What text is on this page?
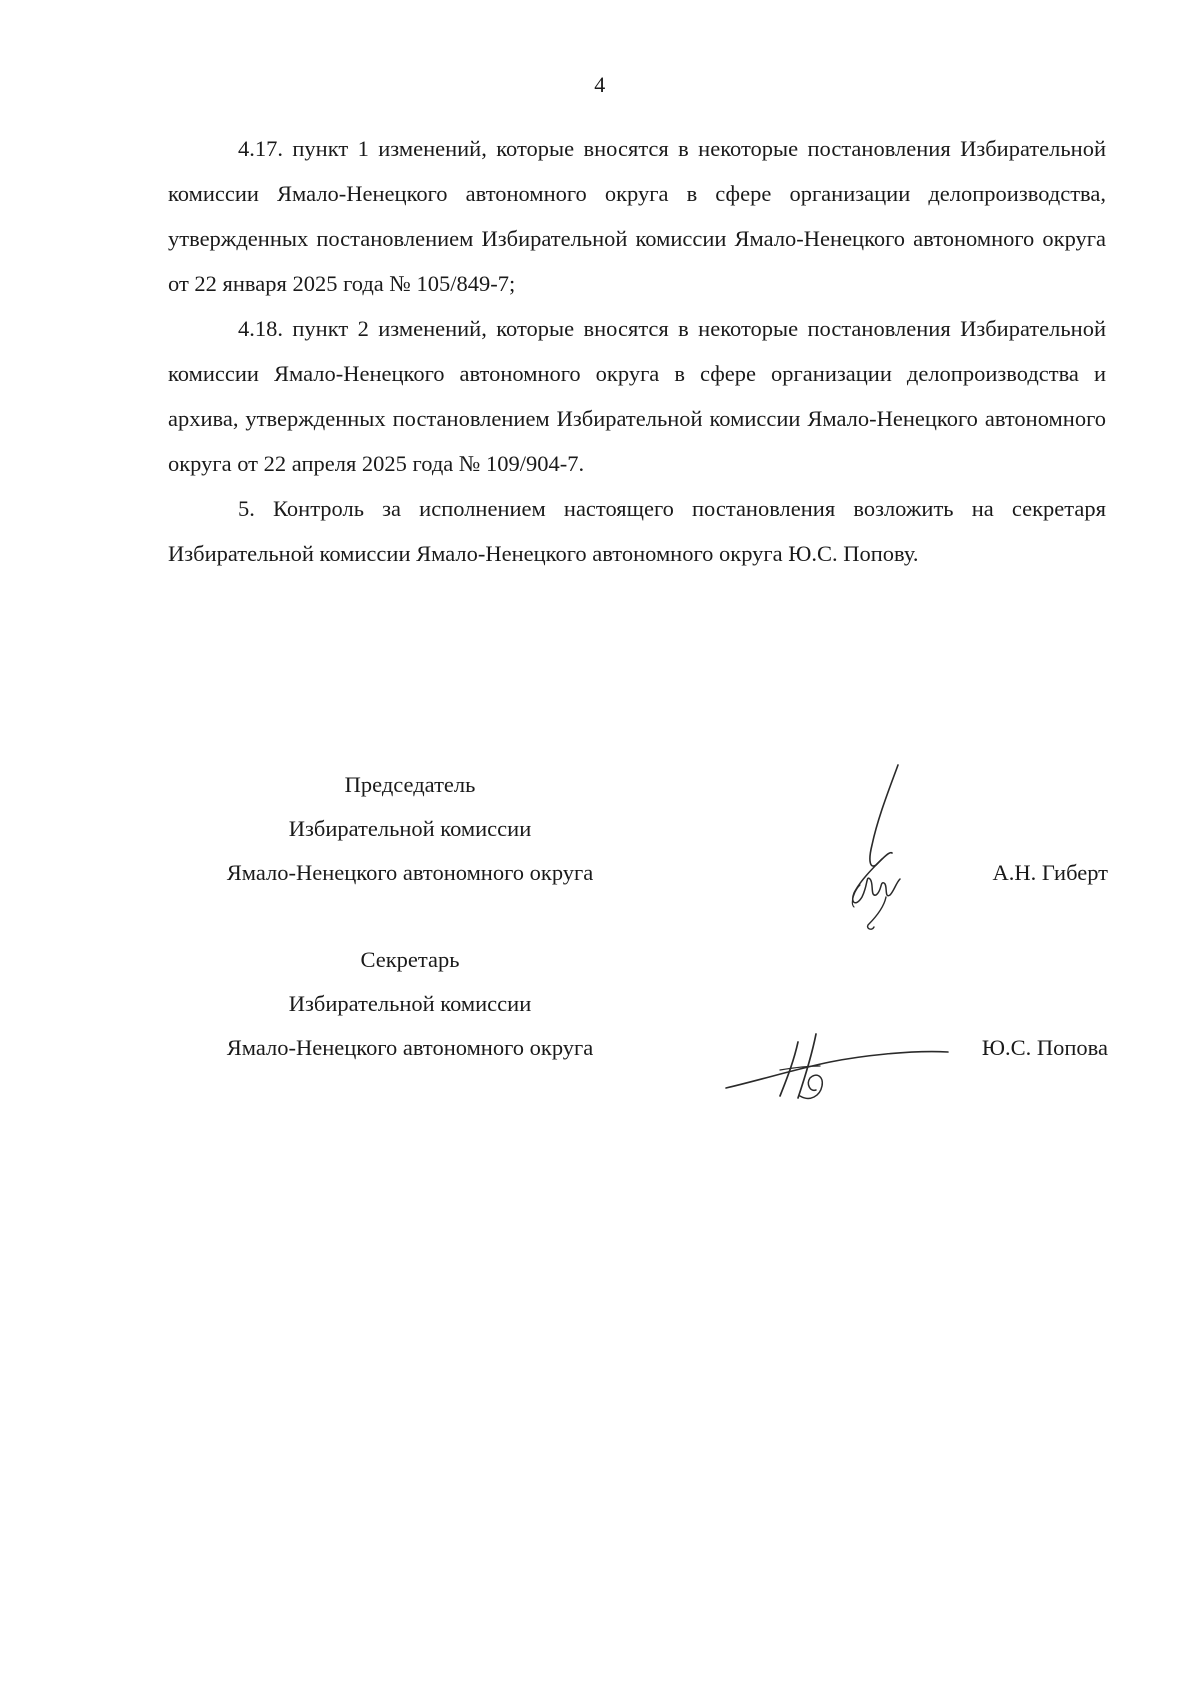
4

4.17. пункт 1 изменений, которые вносятся в некоторые постановления Избирательной комиссии Ямало-Ненецкого автономного округа в сфере организации делопроизводства, утвержденных постановлением Избирательной комиссии Ямало-Ненецкого автономного округа от 22 января 2025 года № 105/849-7;

4.18. пункт 2 изменений, которые вносятся в некоторые постановления Избирательной комиссии Ямало-Ненецкого автономного округа в сфере организации делопроизводства и архива, утвержденных постановлением Избирательной комиссии Ямало-Ненецкого автономного округа от 22 апреля 2025 года № 109/904-7.

5. Контроль за исполнением настоящего постановления возложить на секретаря Избирательной комиссии Ямало-Ненецкого автономного округа Ю.С. Попову.

Председатель
Избирательной комиссии
Ямало-Ненецкого автономного округа	А.Н. Гиберт
Секретарь
Избирательной комиссии
Ямало-Ненецкого автономного округа	Ю.С. Попова
